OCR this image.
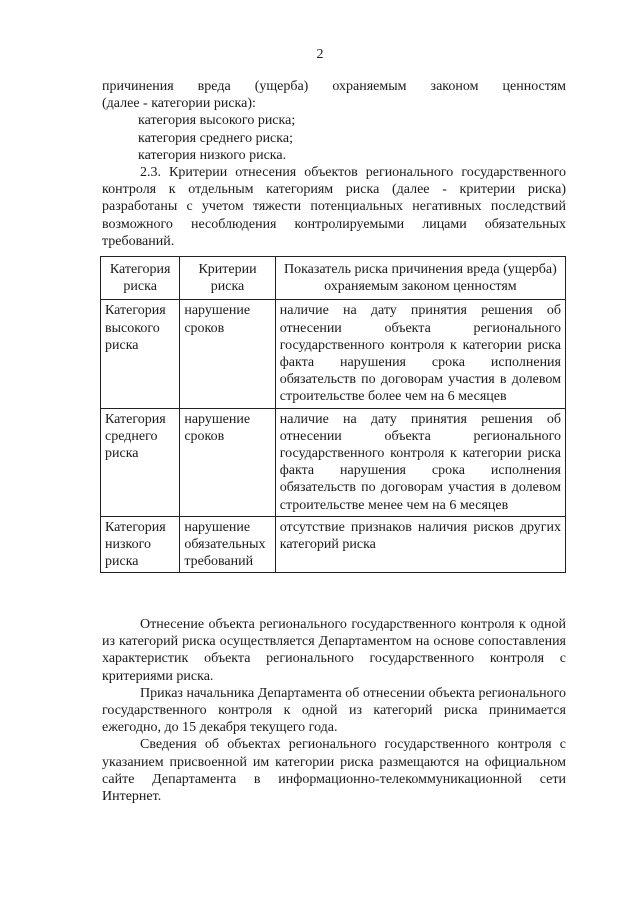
2

причинения вреда (ущерба) охраняемым законом ценностям

(далее - категории риска):

категория высокого риска;

категория среднего риска;

категория низкого риска.

2.3. Критерии отнесения объектов регионального государственного контроля к отдельным категориям риска (далее - критерии риска) разработаны с учетом тяжести потенциальных негативных последствий возможного несоблюдения контролируемыми лицами обязательных требований.

Категория риска	Критерии риска	Показатель риска причинения вреда (ущерба) охраняемым законом ценностям
Категория высокого риска	нарушение сроков	наличие на дату принятия решения об отнесении объекта регионального государственного контроля к категории риска факта нарушения срока исполнения обязательств по договорам участия в долевом строительстве более чем на 6 месяцев
Категория среднего риска	нарушение сроков	наличие на дату принятия решения об отнесении объекта регионального государственного контроля к категории риска факта нарушения срока исполнения обязательств по договорам участия в долевом строительстве менее чем на 6 месяцев
Категория низкого риска	нарушение обязательных требований	отсутствие признаков наличия рисков других категорий риска

Отнесение объекта регионального государственного контроля к одной из категорий риска осуществляется Департаментом на основе сопоставления характеристик объекта регионального государственного контроля с критериями риска.

Приказ начальника Департамента об отнесении объекта регионального государственного контроля к одной из категорий риска принимается ежегодно, до 15 декабря текущего года.

Сведения об объектах регионального государственного контроля с указанием присвоенной им категории риска размещаются на официальном сайте Департамента в информационно-телекоммуникационной сети Интернет.
